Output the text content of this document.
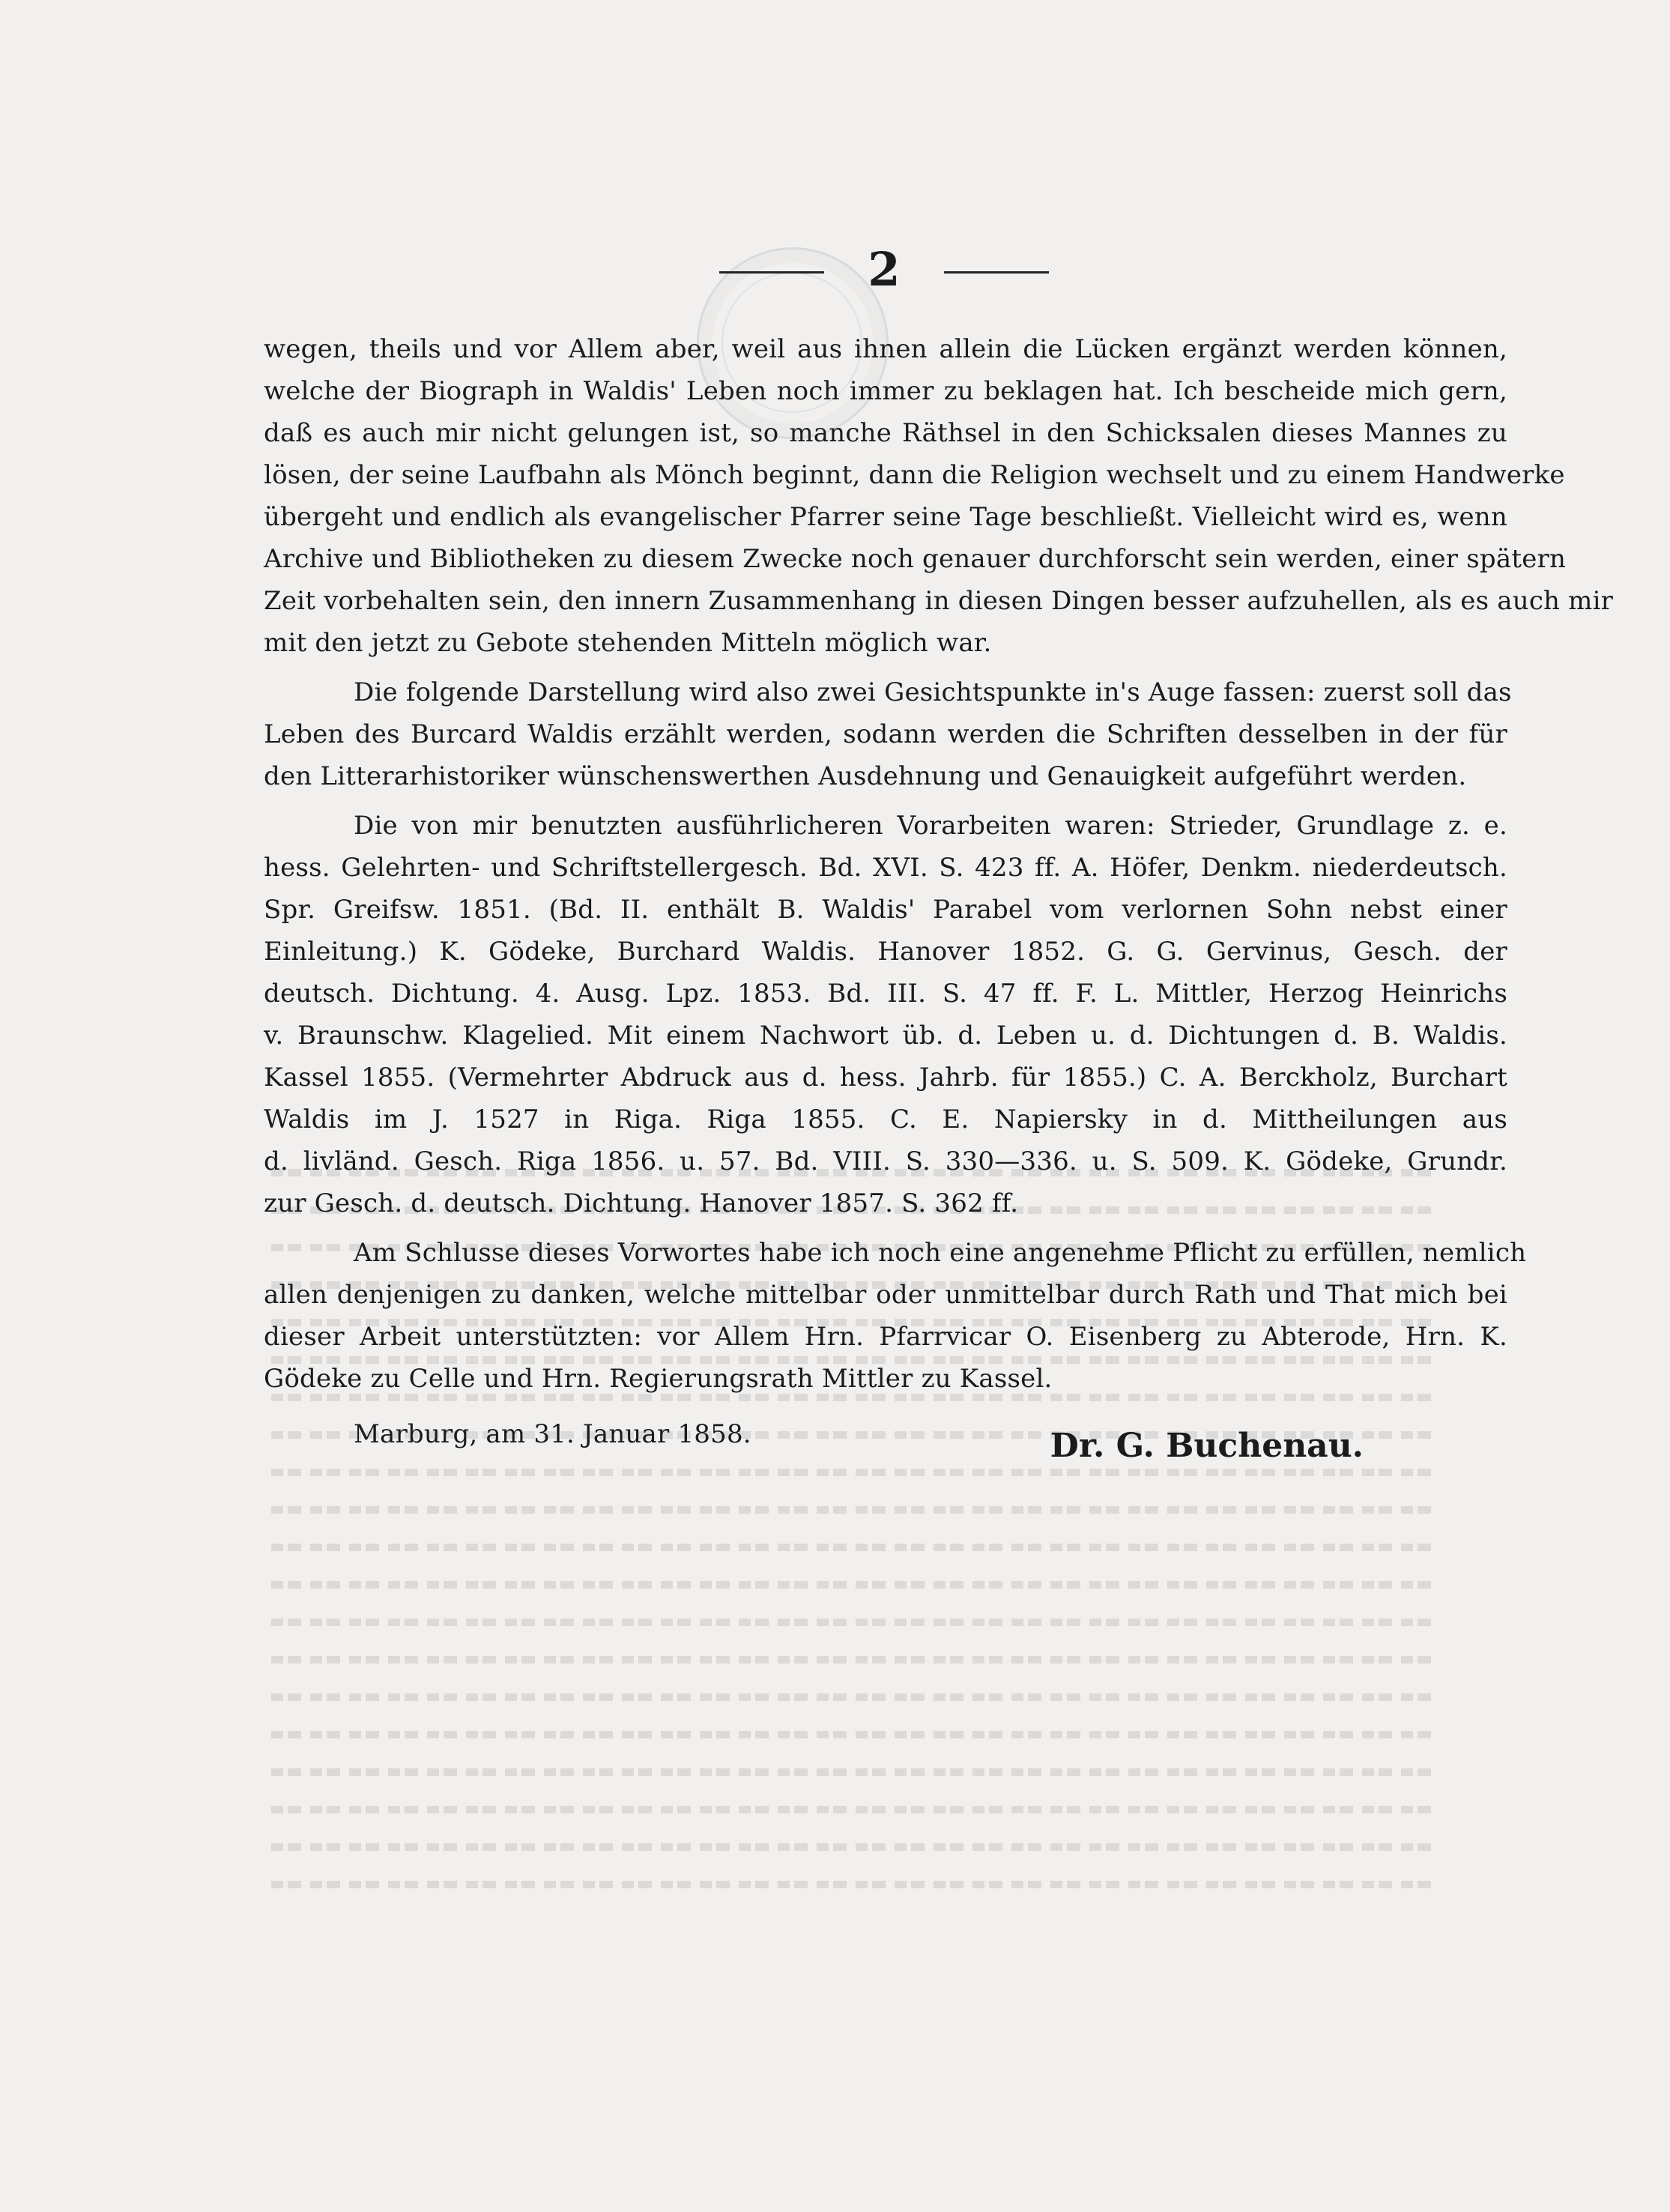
2
wegen, theils und vor Allem aber, weil aus ihnen allein die Lücken ergänzt werden können,
welche der Biograph in Waldis' Leben noch immer zu beklagen hat. Ich bescheide mich gern,
daß es auch mir nicht gelungen ist, so manche Räthsel in den Schicksalen dieses Mannes zu
lösen, der seine Laufbahn als Mönch beginnt, dann die Religion wechselt und zu einem Handwerke
übergeht und endlich als evangelischer Pfarrer seine Tage beschließt. Vielleicht wird es, wenn
Archive und Bibliotheken zu diesem Zwecke noch genauer durchforscht sein werden, einer spätern
Zeit vorbehalten sein, den innern Zusammenhang in diesen Dingen besser aufzuhellen, als es auch mir
mit den jetzt zu Gebote stehenden Mitteln möglich war.
Die folgende Darstellung wird also zwei Gesichtspunkte in's Auge fassen: zuerst soll das
Leben des Burcard Waldis erzählt werden, sodann werden die Schriften desselben in der für
den Litterarhistoriker wünschenswerthen Ausdehnung und Genauigkeit aufgeführt werden.
Die von mir benutzten ausführlicheren Vorarbeiten waren: Strieder, Grundlage z. e.
hess. Gelehrten- und Schriftstellergesch. Bd. XVI. S. 423 ff. A. Höfer, Denkm. niederdeutsch.
Spr. Greifsw. 1851. (Bd. II. enthält B. Waldis' Parabel vom verlornen Sohn nebst einer
Einleitung.) K. Gödeke, Burchard Waldis. Hanover 1852. G. G. Gervinus, Gesch. der
deutsch. Dichtung. 4. Ausg. Lpz. 1853. Bd. III. S. 47 ff. F. L. Mittler, Herzog Heinrichs
v. Braunschw. Klagelied. Mit einem Nachwort üb. d. Leben u. d. Dichtungen d. B. Waldis.
Kassel 1855. (Vermehrter Abdruck aus d. hess. Jahrb. für 1855.) C. A. Berckholz, Burchart
Waldis im J. 1527 in Riga. Riga 1855. C. E. Napiersky in d. Mittheilungen aus
d. livländ. Gesch. Riga 1856. u. 57. Bd. VIII. S. 330—336. u. S. 509. K. Gödeke, Grundr.
zur Gesch. d. deutsch. Dichtung. Hanover 1857. S. 362 ff.
Am Schlusse dieses Vorwortes habe ich noch eine angenehme Pflicht zu erfüllen, nemlich
allen denjenigen zu danken, welche mittelbar oder unmittelbar durch Rath und That mich bei
dieser Arbeit unterstützten: vor Allem Hrn. Pfarrvicar O. Eisenberg zu Abterode, Hrn. K.
Gödeke zu Celle und Hrn. Regierungsrath Mittler zu Kassel.
Marburg, am 31. Januar 1858.	Dr. G. Buchenau.
